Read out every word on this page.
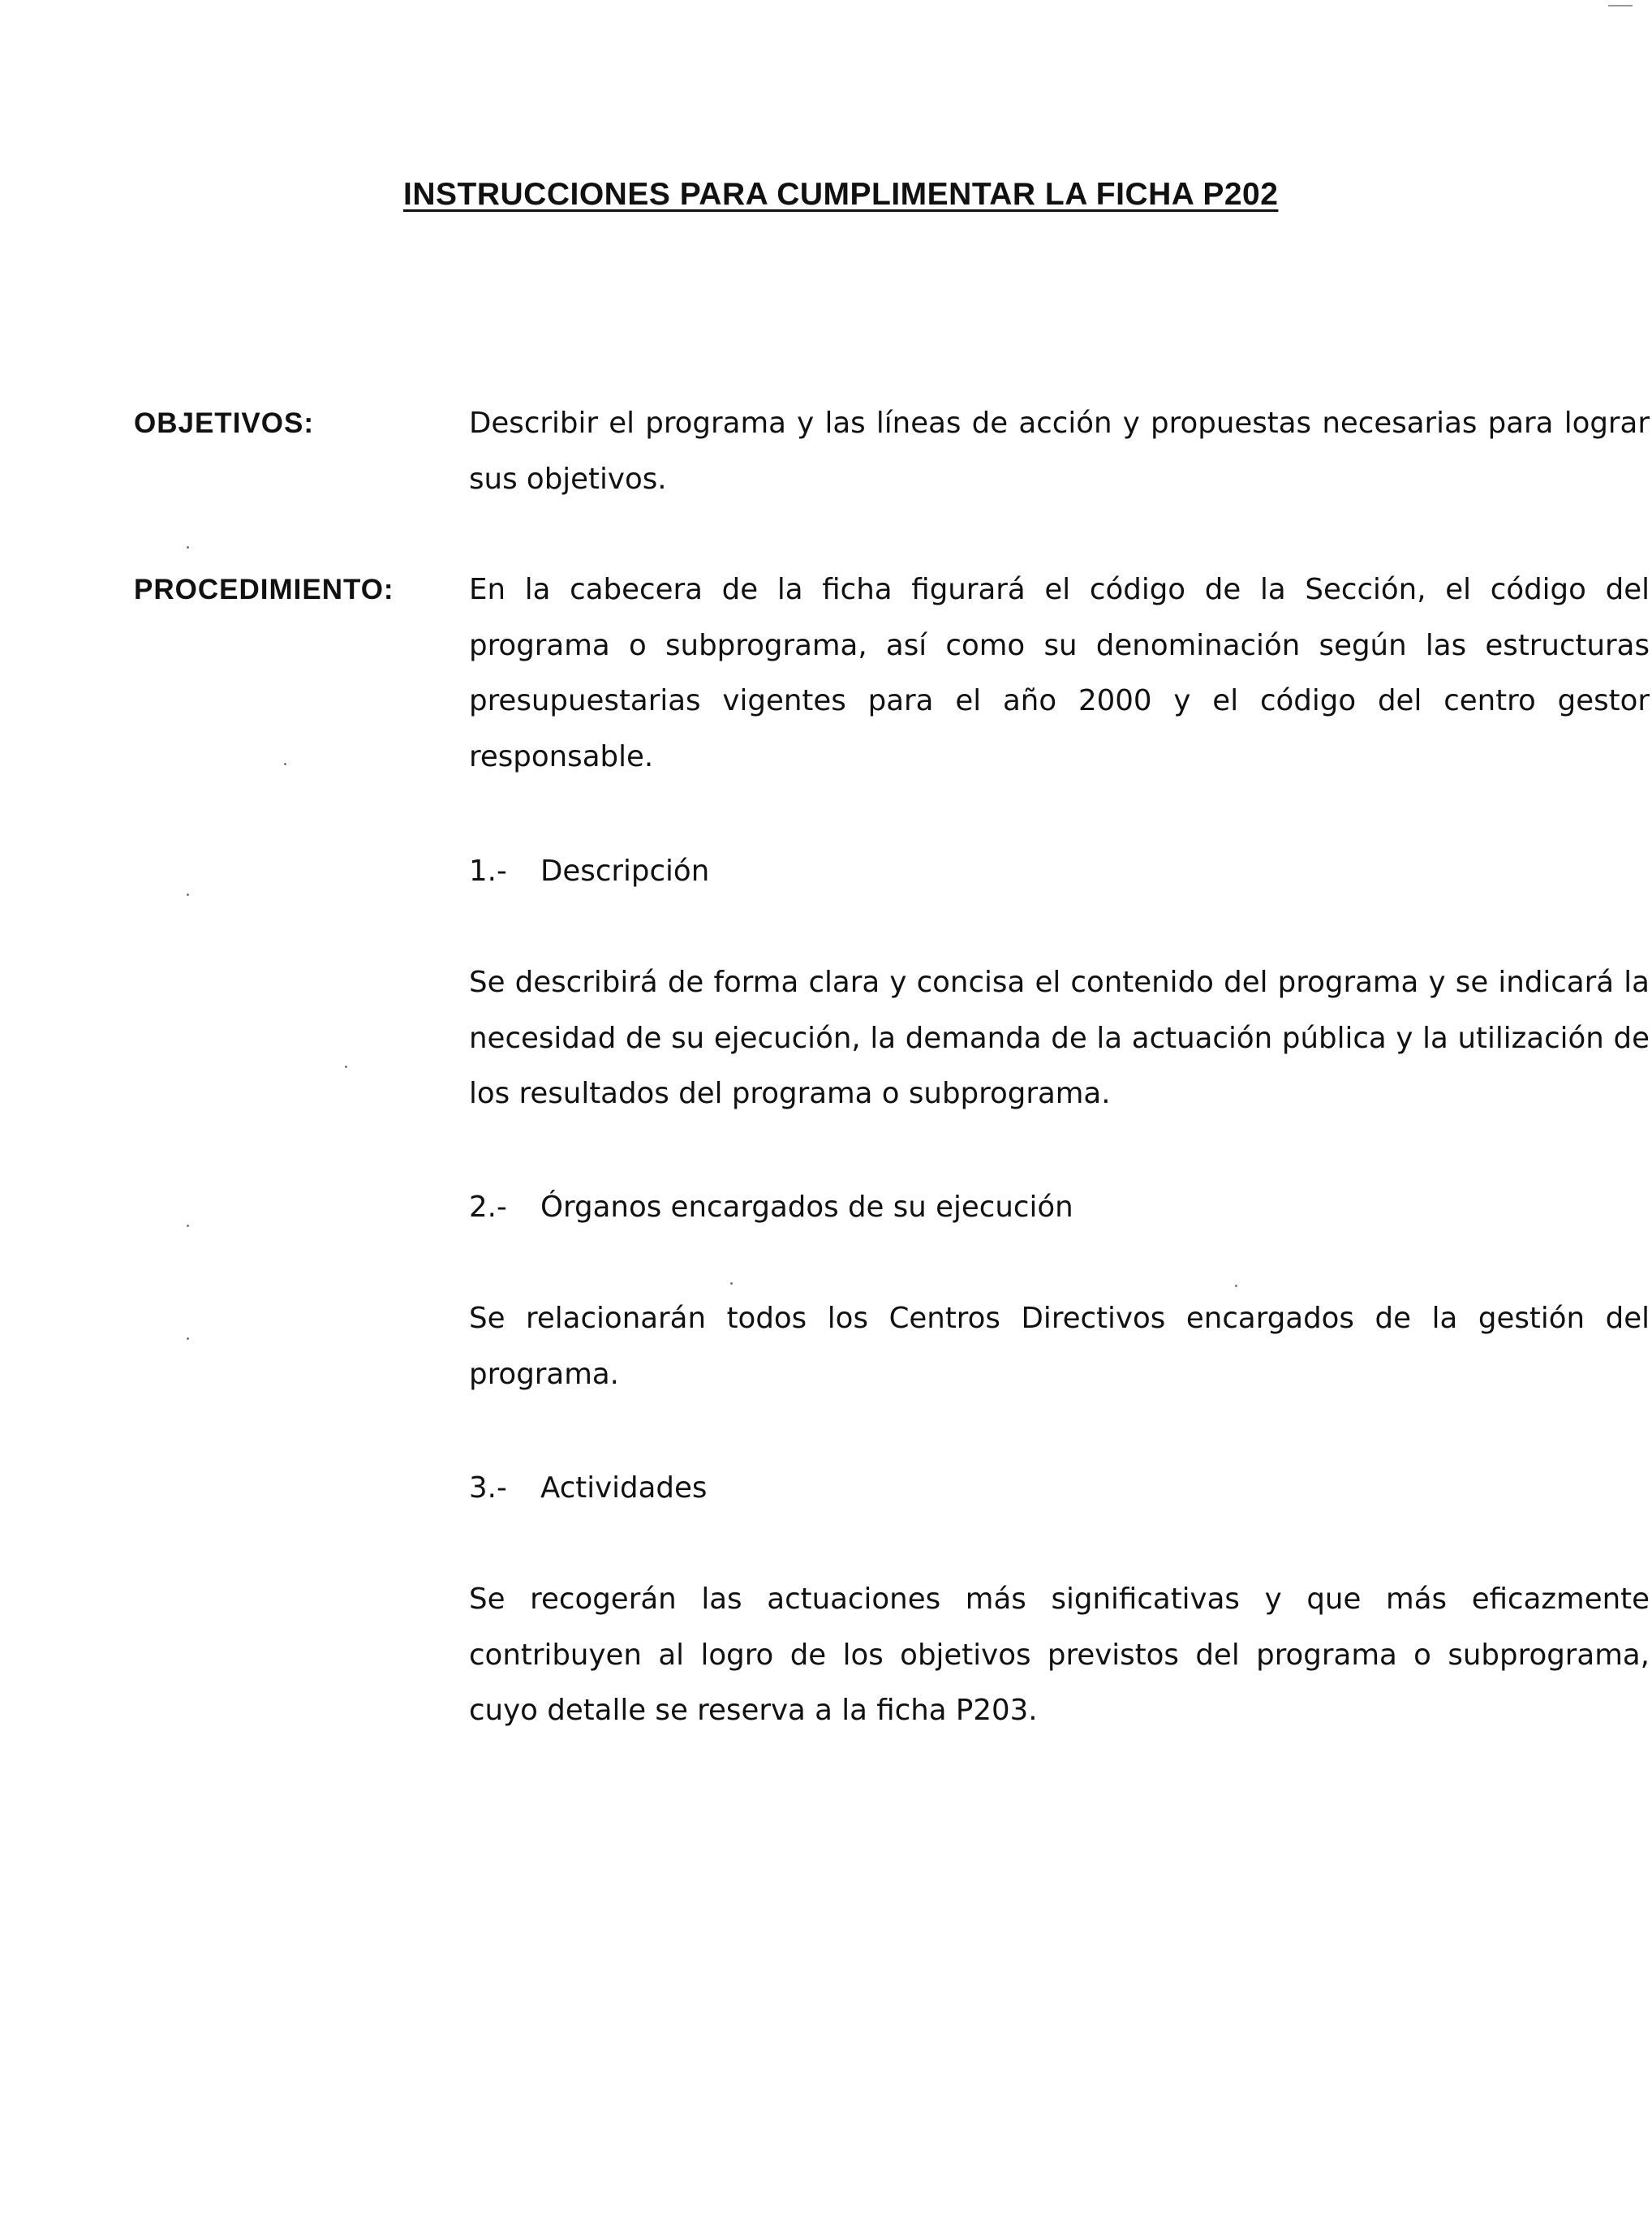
INSTRUCCIONES PARA CUMPLIMENTAR LA FICHA P202
OBJETIVOS:	Describir el programa y las líneas de acción y propuestas necesarias para lograr sus objetivos.

PROCEDIMIENTO:	En la cabecera de la ficha figurará el código de la Sección, el código del programa o subprograma, así como su denominación según las estructuras presupuestarias vigentes para el año 2000 y el código del centro gestor responsable.

1.- Descripción

Se describirá de forma clara y concisa el contenido del programa y se indicará la necesidad de su ejecución, la demanda de la actuación pública y la utilización de los resultados del programa o subprograma.

2.- Órganos encargados de su ejecución

Se relacionarán todos los Centros Directivos encargados de la gestión del programa.

3.- Actividades

Se recogerán las actuaciones más significativas y que más eficazmente contribuyen al logro de los objetivos previstos del programa o subprograma, cuyo detalle se reserva a la ficha P203.
